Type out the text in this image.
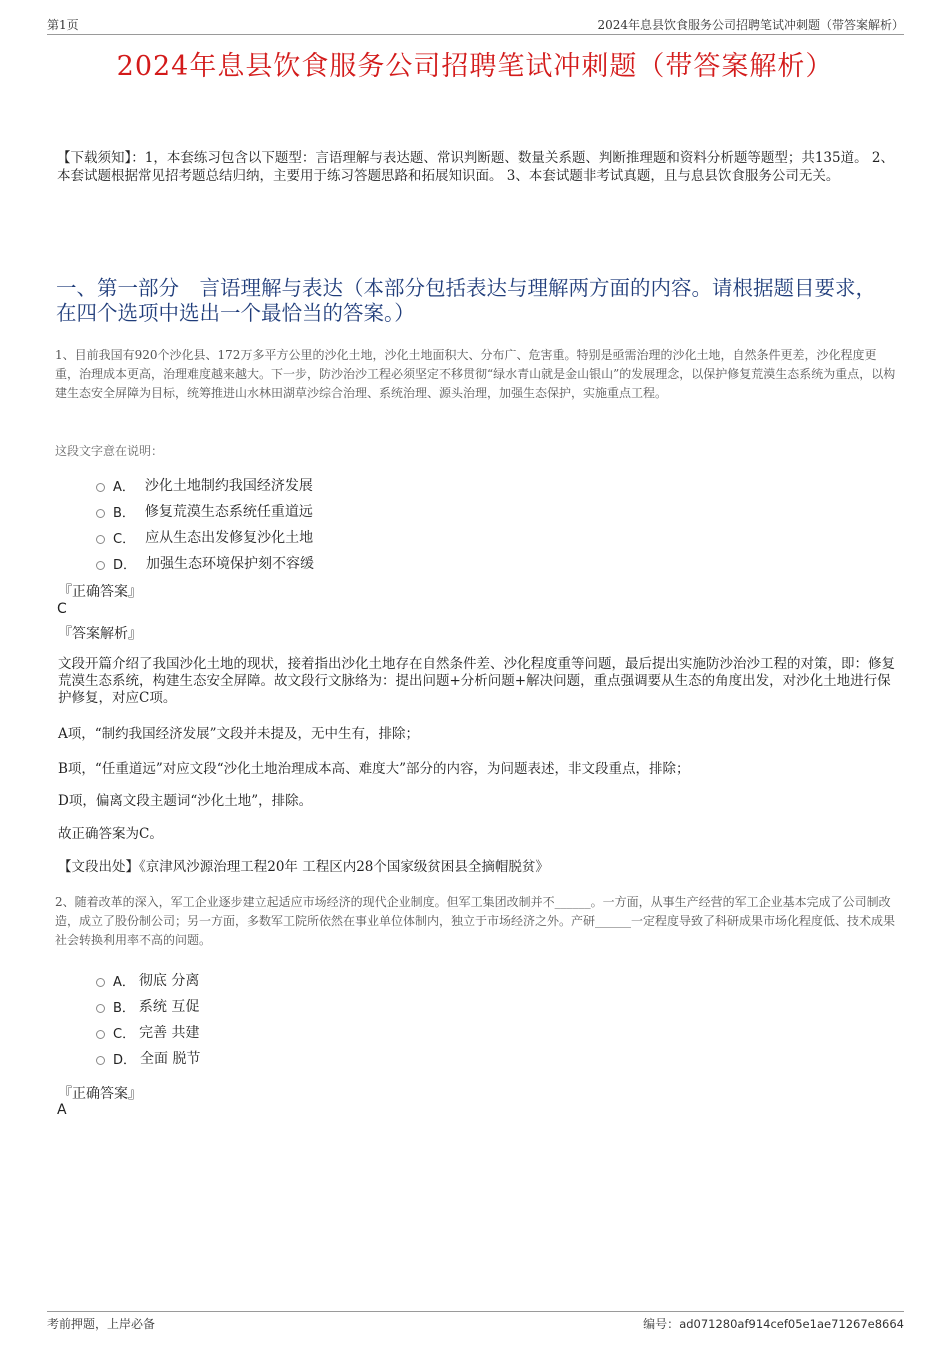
第1页	2024年息县饮食服务公司招聘笔试冲刺题（带答案解析）
2024年息县饮食服务公司招聘笔试冲刺题（带答案解析）
【下载须知】：1，本套练习包含以下题型：言语理解与表达题、常识判断题、数量关系题、判断推理题和资料分析题等题型；共135道。 2、本套试题根据常见招考题总结归纳，主要用于练习答题思路和拓展知识面。 3、本套试题非考试真题，且与息县饮食服务公司无关。
一、第一部分　言语理解与表达（本部分包括表达与理解两方面的内容。请根据题目要求，在四个选项中选出一个最恰当的答案。）
1、目前我国有920个沙化县、172万多平方公里的沙化土地，沙化土地面积大、分布广、危害重。特别是亟需治理的沙化土地，自然条件更差，沙化程度更重，治理成本更高，治理难度越来越大。下一步，防沙治沙工程必须坚定不移贯彻“绿水青山就是金山银山”的发展理念，以保护修复荒漠生态系统为重点，以构建生态安全屏障为目标，统筹推进山水林田湖草沙综合治理、系统治理、源头治理，加强生态保护，实施重点工程。
这段文字意在说明：
A． 沙化土地制约我国经济发展
B． 修复荒漠生态系统任重道远
C． 应从生态出发修复沙化土地
D． 加强生态环境保护刻不容缓
『正确答案』
C
『答案解析』
文段开篇介绍了我国沙化土地的现状，接着指出沙化土地存在自然条件差、沙化程度重等问题，最后提出实施防沙治沙工程的对策，即：修复荒漠生态系统，构建生态安全屏障。故文段行文脉络为：提出问题+分析问题+解决问题，重点强调要从生态的角度出发，对沙化土地进行保护修复，对应C项。
A项，“制约我国经济发展”文段并未提及，无中生有，排除；
B项，“任重道远”对应文段“沙化土地治理成本高、难度大”部分的内容，为问题表述，非文段重点，排除；
D项，偏离文段主题词“沙化土地”，排除。
故正确答案为C。
【文段出处】《京津风沙源治理工程20年 工程区内28个国家级贫困县全摘帽脱贫》
2、随着改革的深入，军工企业逐步建立起适应市场经济的现代企业制度。但军工集团改制并不______。一方面，从事生产经营的军工企业基本完成了公司制改造，成立了股份制公司；另一方面，多数军工院所依然在事业单位体制内，独立于市场经济之外。产研______一定程度导致了科研成果市场化程度低、技术成果社会转换利用率不高的问题。
A． 彻底 分离
B． 系统 互促
C． 完善 共建
D． 全面 脱节
『正确答案』
A
考前押题，上岸必备	编号：ad071280af914cef05e1ae71267e8664
